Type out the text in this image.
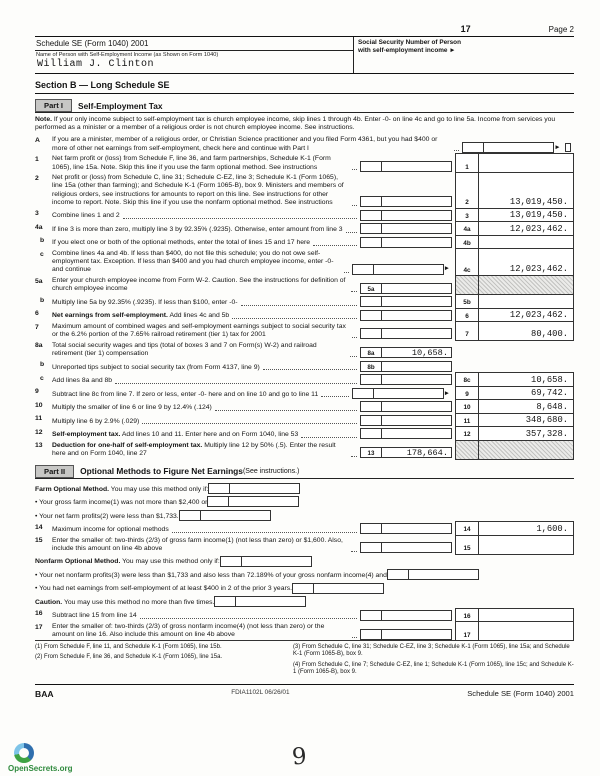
17	Page 2
Schedule SE (Form 1040) 2001
Name of Person with Self-Employment Income (as Shown on Form 1040)
William J. Clinton
Social Security Number of Person
with self-employment income ►
Section B — Long Schedule SE
Part I	Self-Employment Tax
Note. If your only income subject to self-employment tax is church employee income, skip lines 1 through 4b. Enter -0- on line 4c and go to line 5a. Income from services you performed as a minister or a member of a religious order is not church employee income. See instructions.
A	If you are a minister, member of a religious order, or Christian Science practitioner and you filed Form 4361, but you had $400 or more of other net earnings from self-employment, check here and continue with Part I	►
1	Net farm profit or (loss) from Schedule F, line 36, and farm partnerships, Schedule K-1 (Form 1065), line 15a. Note. Skip this line if you use the farm optional method. See instructions	1
2	Net profit or (loss) from Schedule C, line 31; Schedule C-EZ, line 3; Schedule K-1 (Form 1065), line 15a (other than farming); and Schedule K-1 (Form 1065-B), box 9. Ministers and members of religious orders, see instructions for amounts to report on this line. See instructions for other income to report. Note. Skip this line if you use the nonfarm optional method. See instructions	2	13,019,450.
3	Combine lines 1 and 2	3	13,019,450.
4a	If line 3 is more than zero, multiply line 3 by 92.35% (.9235). Otherwise, enter amount from line 3	4a	12,023,462.
b	If you elect one or both of the optional methods, enter the total of lines 15 and 17 here	4b
c	Combine lines 4a and 4b. If less than $400, do not file this schedule; you do not owe self-employment tax. Exception. If less than $400 and you had church employee income, enter -0- and continue	►	4c	12,023,462.
5a	Enter your church employee income from Form W-2. Caution. See the instructions for definition of church employee income	5a
b	Multiply line 5a by 92.35% (.9235). If less than $100, enter -0-	5b
6	Net earnings from self-employment. Add lines 4c and 5b	6	12,023,462.
7	Maximum amount of combined wages and self-employment earnings subject to social security tax or the 6.2% portion of the 7.65% railroad retirement (tier 1) tax for 2001	7	80,400.
8a	Total social security wages and tips (total of boxes 3 and 7 on Form(s) W-2) and railroad retirement (tier 1) compensation	8a	10,658.
b	Unreported tips subject to social security tax (from Form 4137, line 9)	8b
c	Add lines 8a and 8b	8c	10,658.
9	Subtract line 8c from line 7. If zero or less, enter -0- here and on line 10 and go to line 11	►	9	69,742.
10	Multiply the smaller of line 6 or line 9 by 12.4% (.124)	10	8,648.
11	Multiply line 6 by 2.9% (.029)	11	348,680.
12	Self-employment tax. Add lines 10 and 11. Enter here and on Form 1040, line 53	12	357,328.
13	Deduction for one-half of self-employment tax. Multiply line 12 by 50% (.5). Enter the result here and on Form 1040, line 27	13	178,664.
Part II	Optional Methods to Figure Net Earnings (See instructions.)
Farm Optional Method. You may use this method only if:
• Your gross farm income(1) was not more than $2,400 or
• Your net farm profits(2) were less than $1,733.
14	Maximum income for optional methods	14	1,600.
15	Enter the smaller of: two-thirds (2/3) of gross farm income(1) (not less than zero) or $1,600. Also, include this amount on line 4b above	15
Nonfarm Optional Method. You may use this method only if:
• Your net nonfarm profits(3) were less than $1,733 and also less than 72.189% of your gross nonfarm income(4) and
• You had net earnings from self-employment of at least $400 in 2 of the prior 3 years.
Caution. You may use this method no more than five times.
16	Subtract line 15 from line 14	16
17	Enter the smaller of: two-thirds (2/3) of gross nonfarm income(4) (not less than zero) or the amount on line 16. Also include this amount on line 4b above	17
(1) From Schedule F, line 11, and Schedule K-1 (Form 1065), line 15b.
(2) From Schedule F, line 36, and Schedule K-1 (Form 1065), line 15a.
(3) From Schedule C, line 31; Schedule C-EZ, line 3; Schedule K-1 (Form 1065), line 15a; and Schedule K-1 (Form 1065-B), box 9.
(4) From Schedule C, line 7; Schedule C-EZ, line 1; Schedule K-1 (Form 1065), line 15c; and Schedule K-1 (Form 1065-B), box 9.
BAA	FDIA1102L 06/26/01	Schedule SE (Form 1040) 2001
9
OpenSecrets.org
